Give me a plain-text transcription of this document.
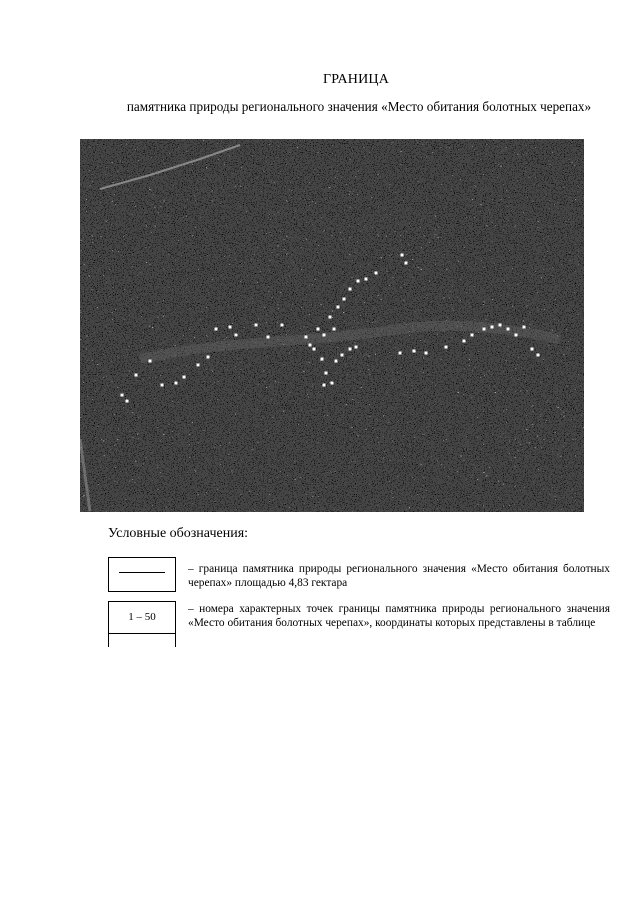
ГРАНИЦА
памятника природы регионального значения «Место обитания болотных черепах»
Условные обозначения:
– граница памятника природы регионального значения «Место обитания болотных черепах» площадью 4,83 гектара
1 – 50
– номера характерных точек границы памятника природы регионального значения «Место обитания болотных черепах», координаты которых представлены в таблице
